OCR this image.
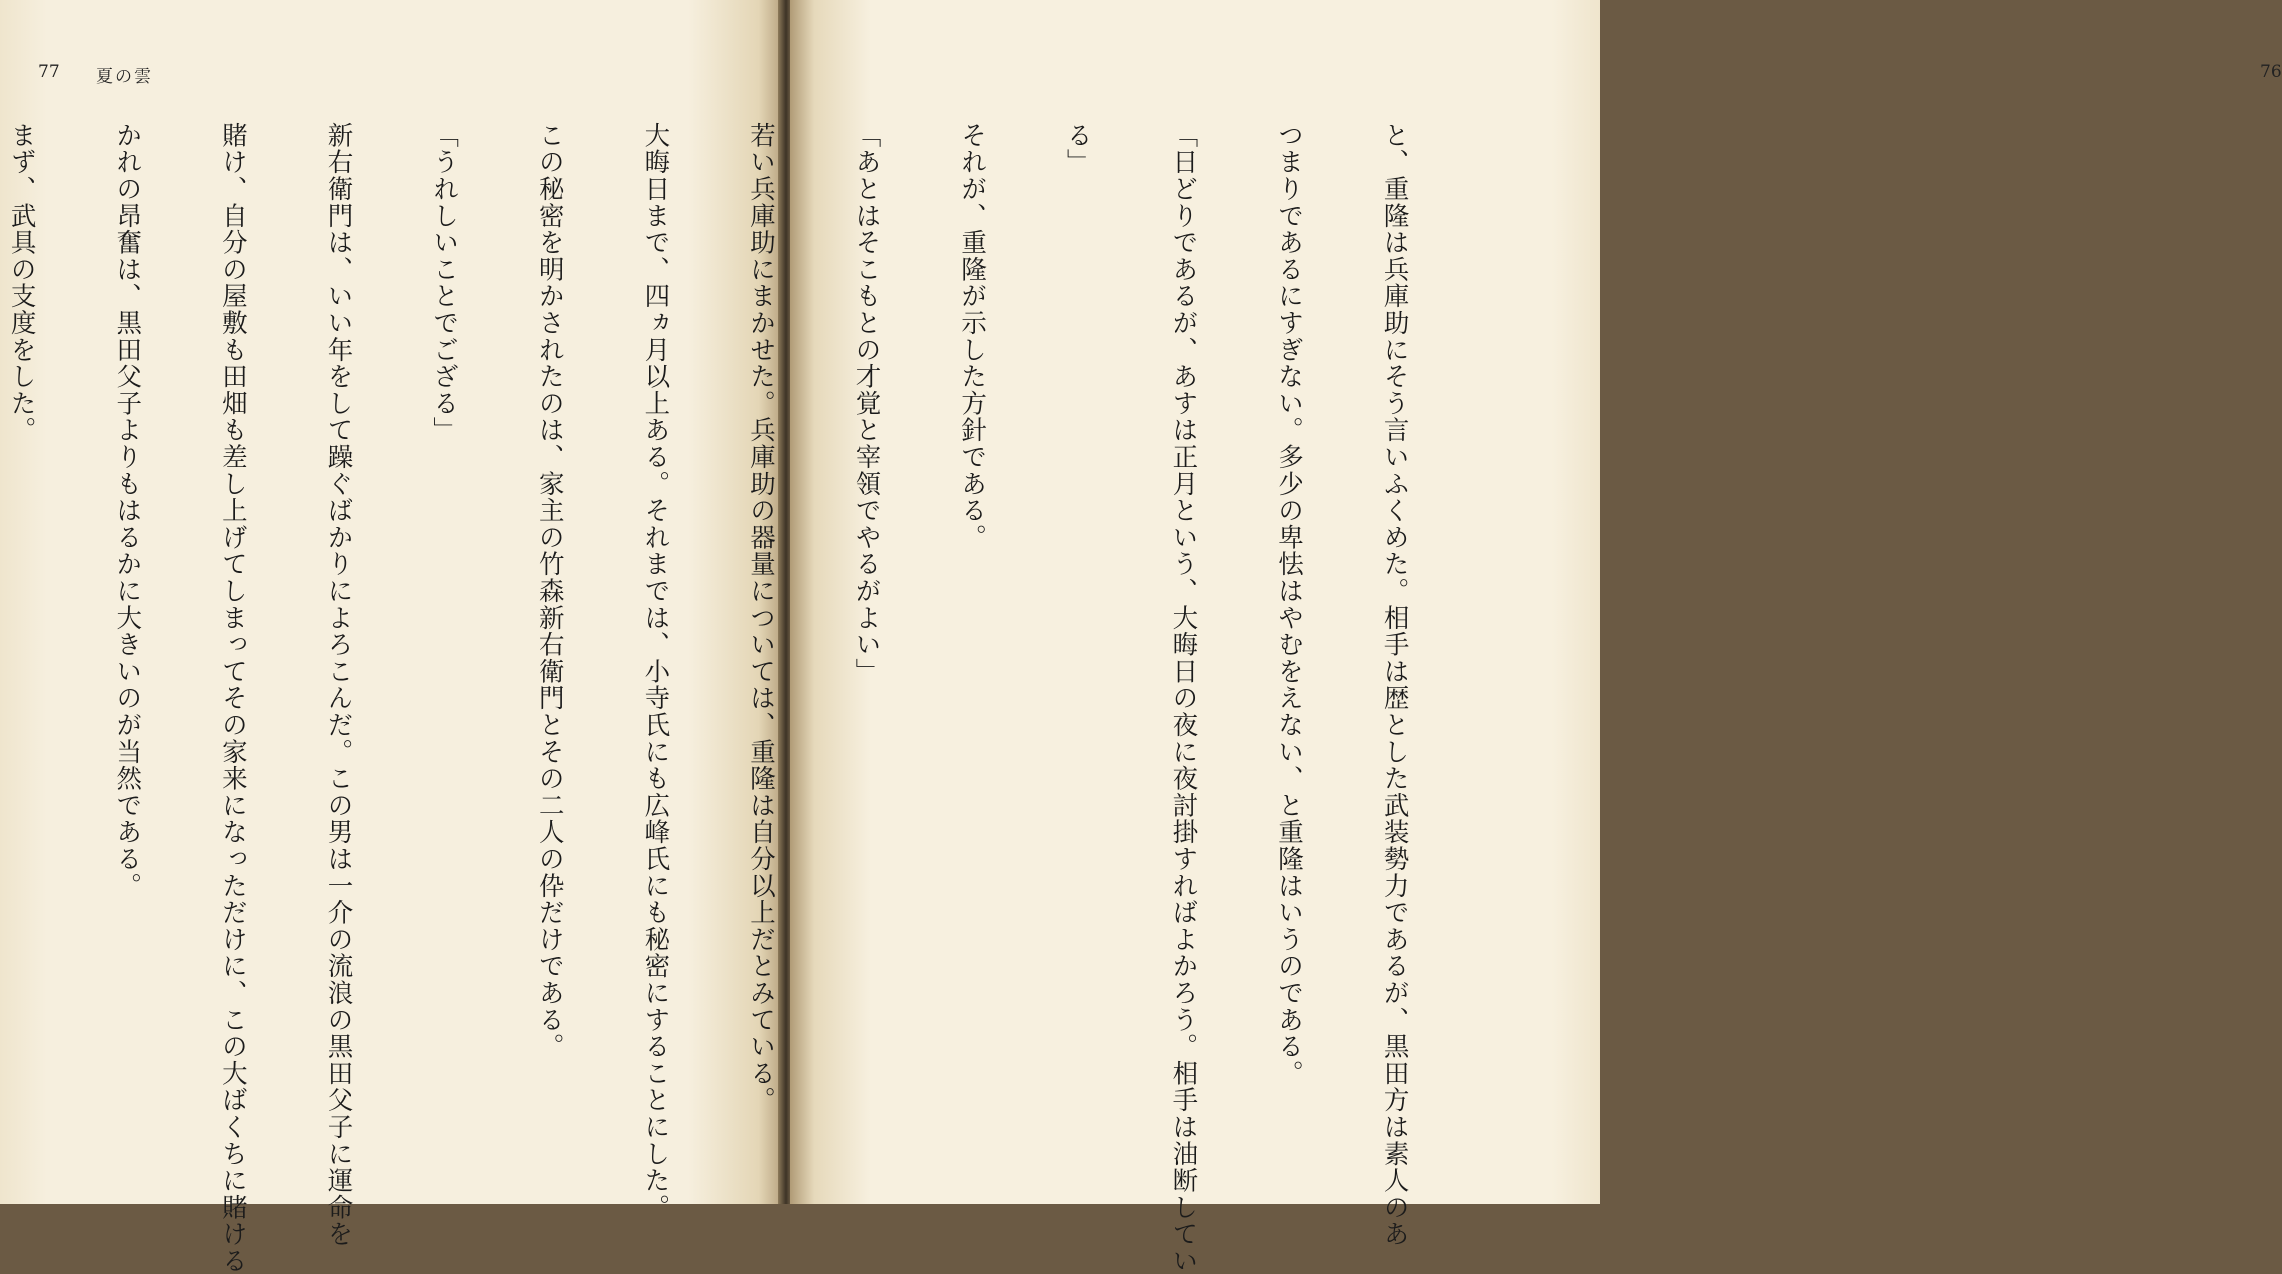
77 夏の雲

	76

と、重隆は兵庫助にそう言いふくめた。相手は歴とした武装勢力であるが、黒田方は素人のあ

つまりであるにすぎない。多少の卑怯はやむをえない、と重隆はいうのである。

「日どりであるが、あすは正月という、大晦日の夜に夜討掛すればよかろう。相手は油断してい

る」

それが、重隆が示した方針である。

「あとはそこもとの才覚と宰領でやるがよい」

若い兵庫助にまかせた。兵庫助の器量については、重隆は自分以上だとみている。

大晦日まで、四ヵ月以上ある。それまでは、小寺氏にも広峰氏にも秘密にすることにした。

この秘密を明かされたのは、家主の竹森新右衛門とその二人の伜だけである。

「うれしいことでござる」

新右衛門は、いい年をして躁ぐばかりによろこんだ。この男は一介の流浪の黒田父子に運命を

賭け、自分の屋敷も田畑も差し上げてしまってその家来になっただけに、この大ばくちに賭ける

かれの昂奮は、黒田父子よりもはるかに大きいのが当然である。

まず、武具の支度をした。
